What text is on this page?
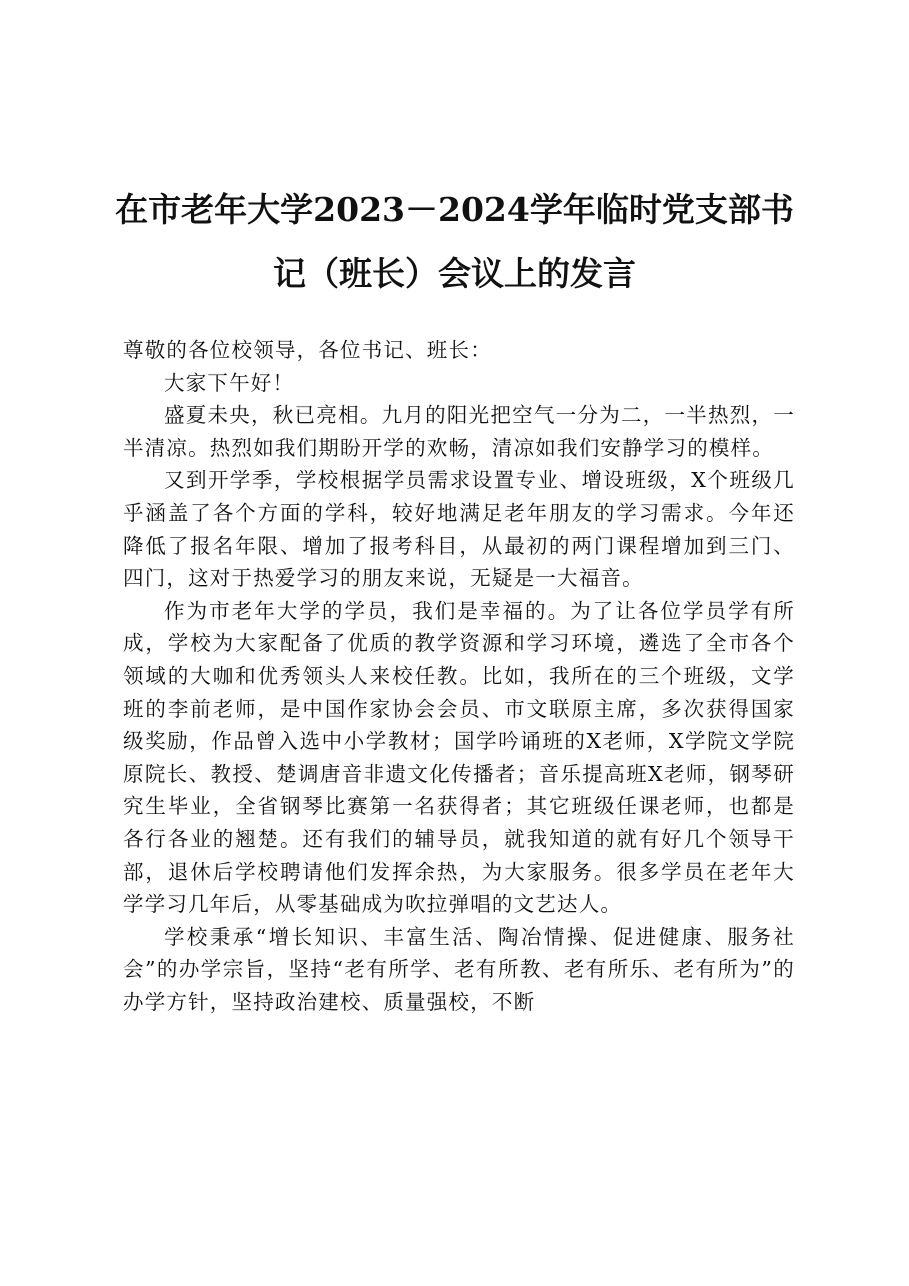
在市老年大学2023－2024学年临时党支部书
记（班长）会议上的发言

尊敬的各位校领导，各位书记、班长：

大家下午好！

盛夏未央，秋已亮相。九月的阳光把空气一分为二，一半热烈，一半清凉。热烈如我们期盼开学的欢畅，清凉如我们安静学习的模样。

又到开学季，学校根据学员需求设置专业、增设班级，X个班级几乎涵盖了各个方面的学科，较好地满足老年朋友的学习需求。今年还降低了报名年限、增加了报考科目，从最初的两门课程增加到三门、四门，这对于热爱学习的朋友来说，无疑是一大福音。

作为市老年大学的学员，我们是幸福的。为了让各位学员学有所成，学校为大家配备了优质的教学资源和学习环境，遴选了全市各个领域的大咖和优秀领头人来校任教。比如，我所在的三个班级，文学班的李前老师，是中国作家协会会员、市文联原主席，多次获得国家级奖励，作品曾入选中小学教材；国学吟诵班的X老师，X学院文学院原院长、教授、楚调唐音非遗文化传播者；音乐提高班X老师，钢琴研究生毕业，全省钢琴比赛第一名获得者；其它班级任课老师，也都是各行各业的翘楚。还有我们的辅导员，就我知道的就有好几个领导干部，退休后学校聘请他们发挥余热，为大家服务。很多学员在老年大学学习几年后，从零基础成为吹拉弹唱的文艺达人。

学校秉承“增长知识、丰富生活、陶冶情操、促进健康、服务社会”的办学宗旨，坚持“老有所学、老有所教、老有所乐、老有所为”的办学方针，坚持政治建校、质量强校，不断
